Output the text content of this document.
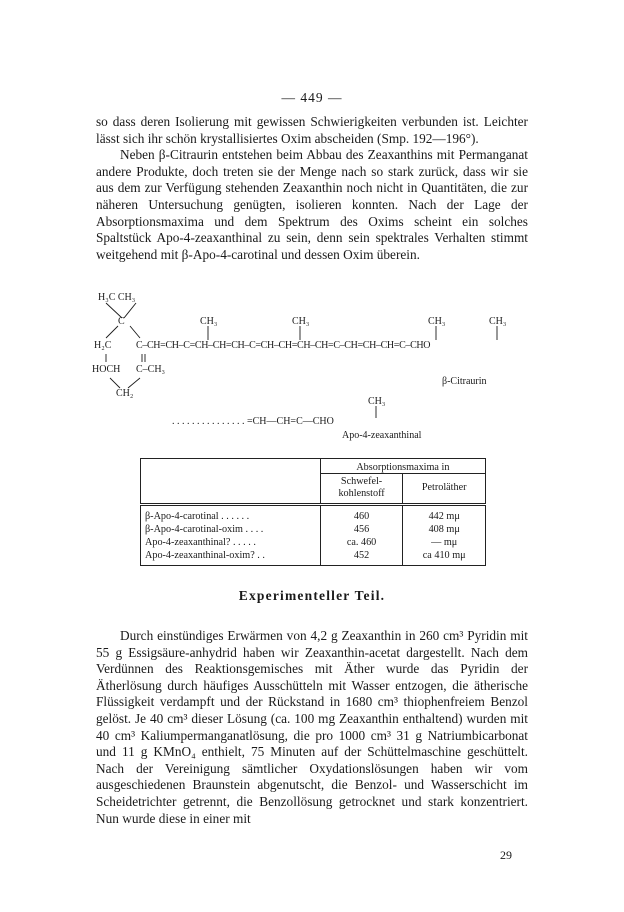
— 449 —

so dass deren Isolierung mit gewissen Schwierigkeiten verbunden ist. Leichter lässt sich ihr schön krystallisiertes Oxim abscheiden (Smp. 192—196°).

Neben β-Citraurin entstehen beim Abbau des Zeaxanthins mit Permanganat andere Produkte, doch treten sie der Menge nach so stark zurück, dass wir sie aus dem zur Verfügung stehenden Zeaxanthin noch nicht in Quantitäten, die zur näheren Untersuchung genügten, isolieren konnten. Nach der Lage der Absorptionsmaxima und dem Spektrum des Oxims scheint ein solches Spaltstück Apo-4-zeaxanthinal zu sein, denn sein spektrales Verhalten stimmt weitgehend mit β-Apo-4-carotinal und dessen Oxim überein.

H₃C CH₃
C	CH₃	CH₃	CH₃	CH₃
H₂C C–CH=CH–C=CH–CH=CH–C=CH–CH=CH–CH=C–CH=CH–CH=C–CHO
HOCH C–CH₃
CH₂
β-Citraurin
CH₃
. . . . . . . . . . . . . . . =CH—CH=C—CHO
Apo-4-zeaxanthinal
	Absorptionsmaxima in	
	Schwefel-
kohlenstoff	Petroläther
β-Apo-4-carotinal . . . . . .	460	442 mμ
β-Apo-4-carotinal-oxim . . . .	456	408 mμ
Apo-4-zeaxanthinal? . . . . .	ca. 460	— mμ
Apo-4-zeaxanthinal-oxim? . .	452	ca 410 mμ
Experimenteller Teil.

Durch einstündiges Erwärmen von 4,2 g Zeaxanthin in 260 cm³ Pyridin mit 55 g Essigsäure-anhydrid haben wir Zeaxanthin-acetat dargestellt. Nach dem Verdünnen des Reaktionsgemisches mit Äther wurde das Pyridin der Ätherlösung durch häufiges Ausschütteln mit Wasser entzogen, die ätherische Flüssigkeit verdampft und der Rückstand in 1680 cm³ thiophenfreiem Benzol gelöst. Je 40 cm³ dieser Lösung (ca. 100 mg Zeaxanthin enthaltend) wurden mit 40 cm³ Kaliumpermanganatlösung, die pro 1000 cm³ 31 g Natriumbicarbonat und 11 g KMnO₄ enthielt, 75 Minuten auf der Schüttelmaschine geschüttelt. Nach der Vereinigung sämtlicher Oxydationslösungen haben wir vom ausgeschiedenen Braunstein abgenutscht, die Benzol- und Wasserschicht im Scheidetrichter getrennt, die Benzollösung getrocknet und stark konzentriert. Nun wurde diese in einer mit

29
